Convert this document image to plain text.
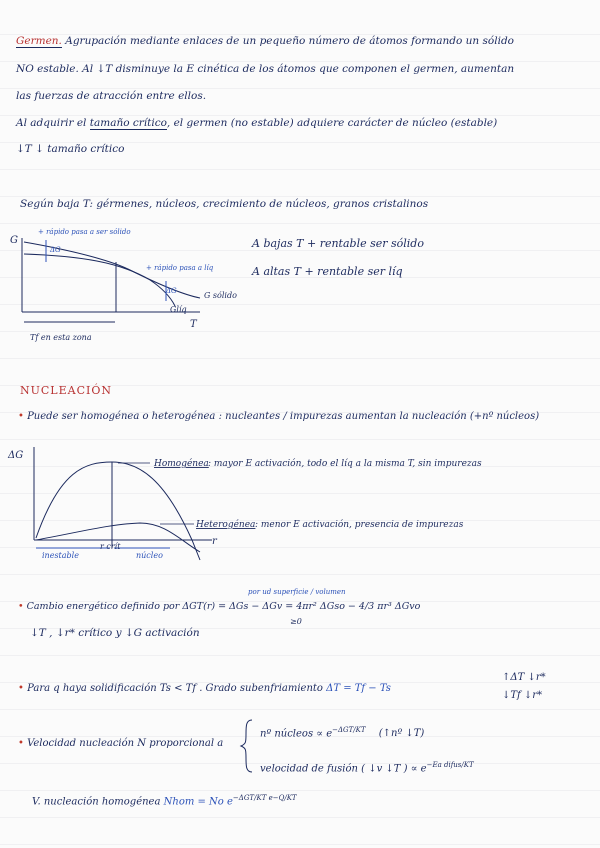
Germen. Agrupación mediante enlaces de un pequeño número de átomos formando un sólido
NO estable. Al ↓T disminuye la E cinética de los átomos que componen el germen, aumentan
las fuerzas de atracción entre ellos.
Al adquirir el tamaño crítico, el germen (no estable) adquiere carácter de núcleo (estable)
↓T ↓ tamaño crítico
Según baja T: gérmenes, núcleos, crecimiento de núcleos, granos cristalinos
A bajas T + rentable ser sólido
A altas T + rentable ser líq
NUCLEACIÓN
• Puede ser homogénea o heterogénea : nucleantes / impurezas aumentan la nucleación (+nº núcleos)
por ud superficie / volumen
• Cambio energético definido por ΔGT(r) = ΔGs − ΔGv = 4πr² ΔGso − 4/3 πr³ ΔGvo
≥0
↓T , ↓r* crítico y ↓G activación
• Para q haya solidificación Ts < Tf . Grado subenfriamiento ΔT = Tf − Ts
↑ΔT ↓r*
↓Tf ↓r*
• Velocidad nucleación N proporcional a
nº núcleos ∝ $e^{-\Delta GT/KT}$ (↑nº ↓T)
velocidad de fusión ( ↓v ↓T ) ∝ $e^{-Ea difus/KT}$
V. nucleación homogénea Nhom = No $e^{-\Delta GT/KT e-Q/KT}$
G
T
+ rápido pasa a ser sólido
ΔG
+ rápido pasa a líq
ΔG
Glíq
G sólido
Tf en esta zona
ΔG
r
Homogénea : mayor E activación, todo el líq a la misma T, sin impurezas
Heterogénea : menor E activación, presencia de impurezas
r crít
inestable	núcleo
